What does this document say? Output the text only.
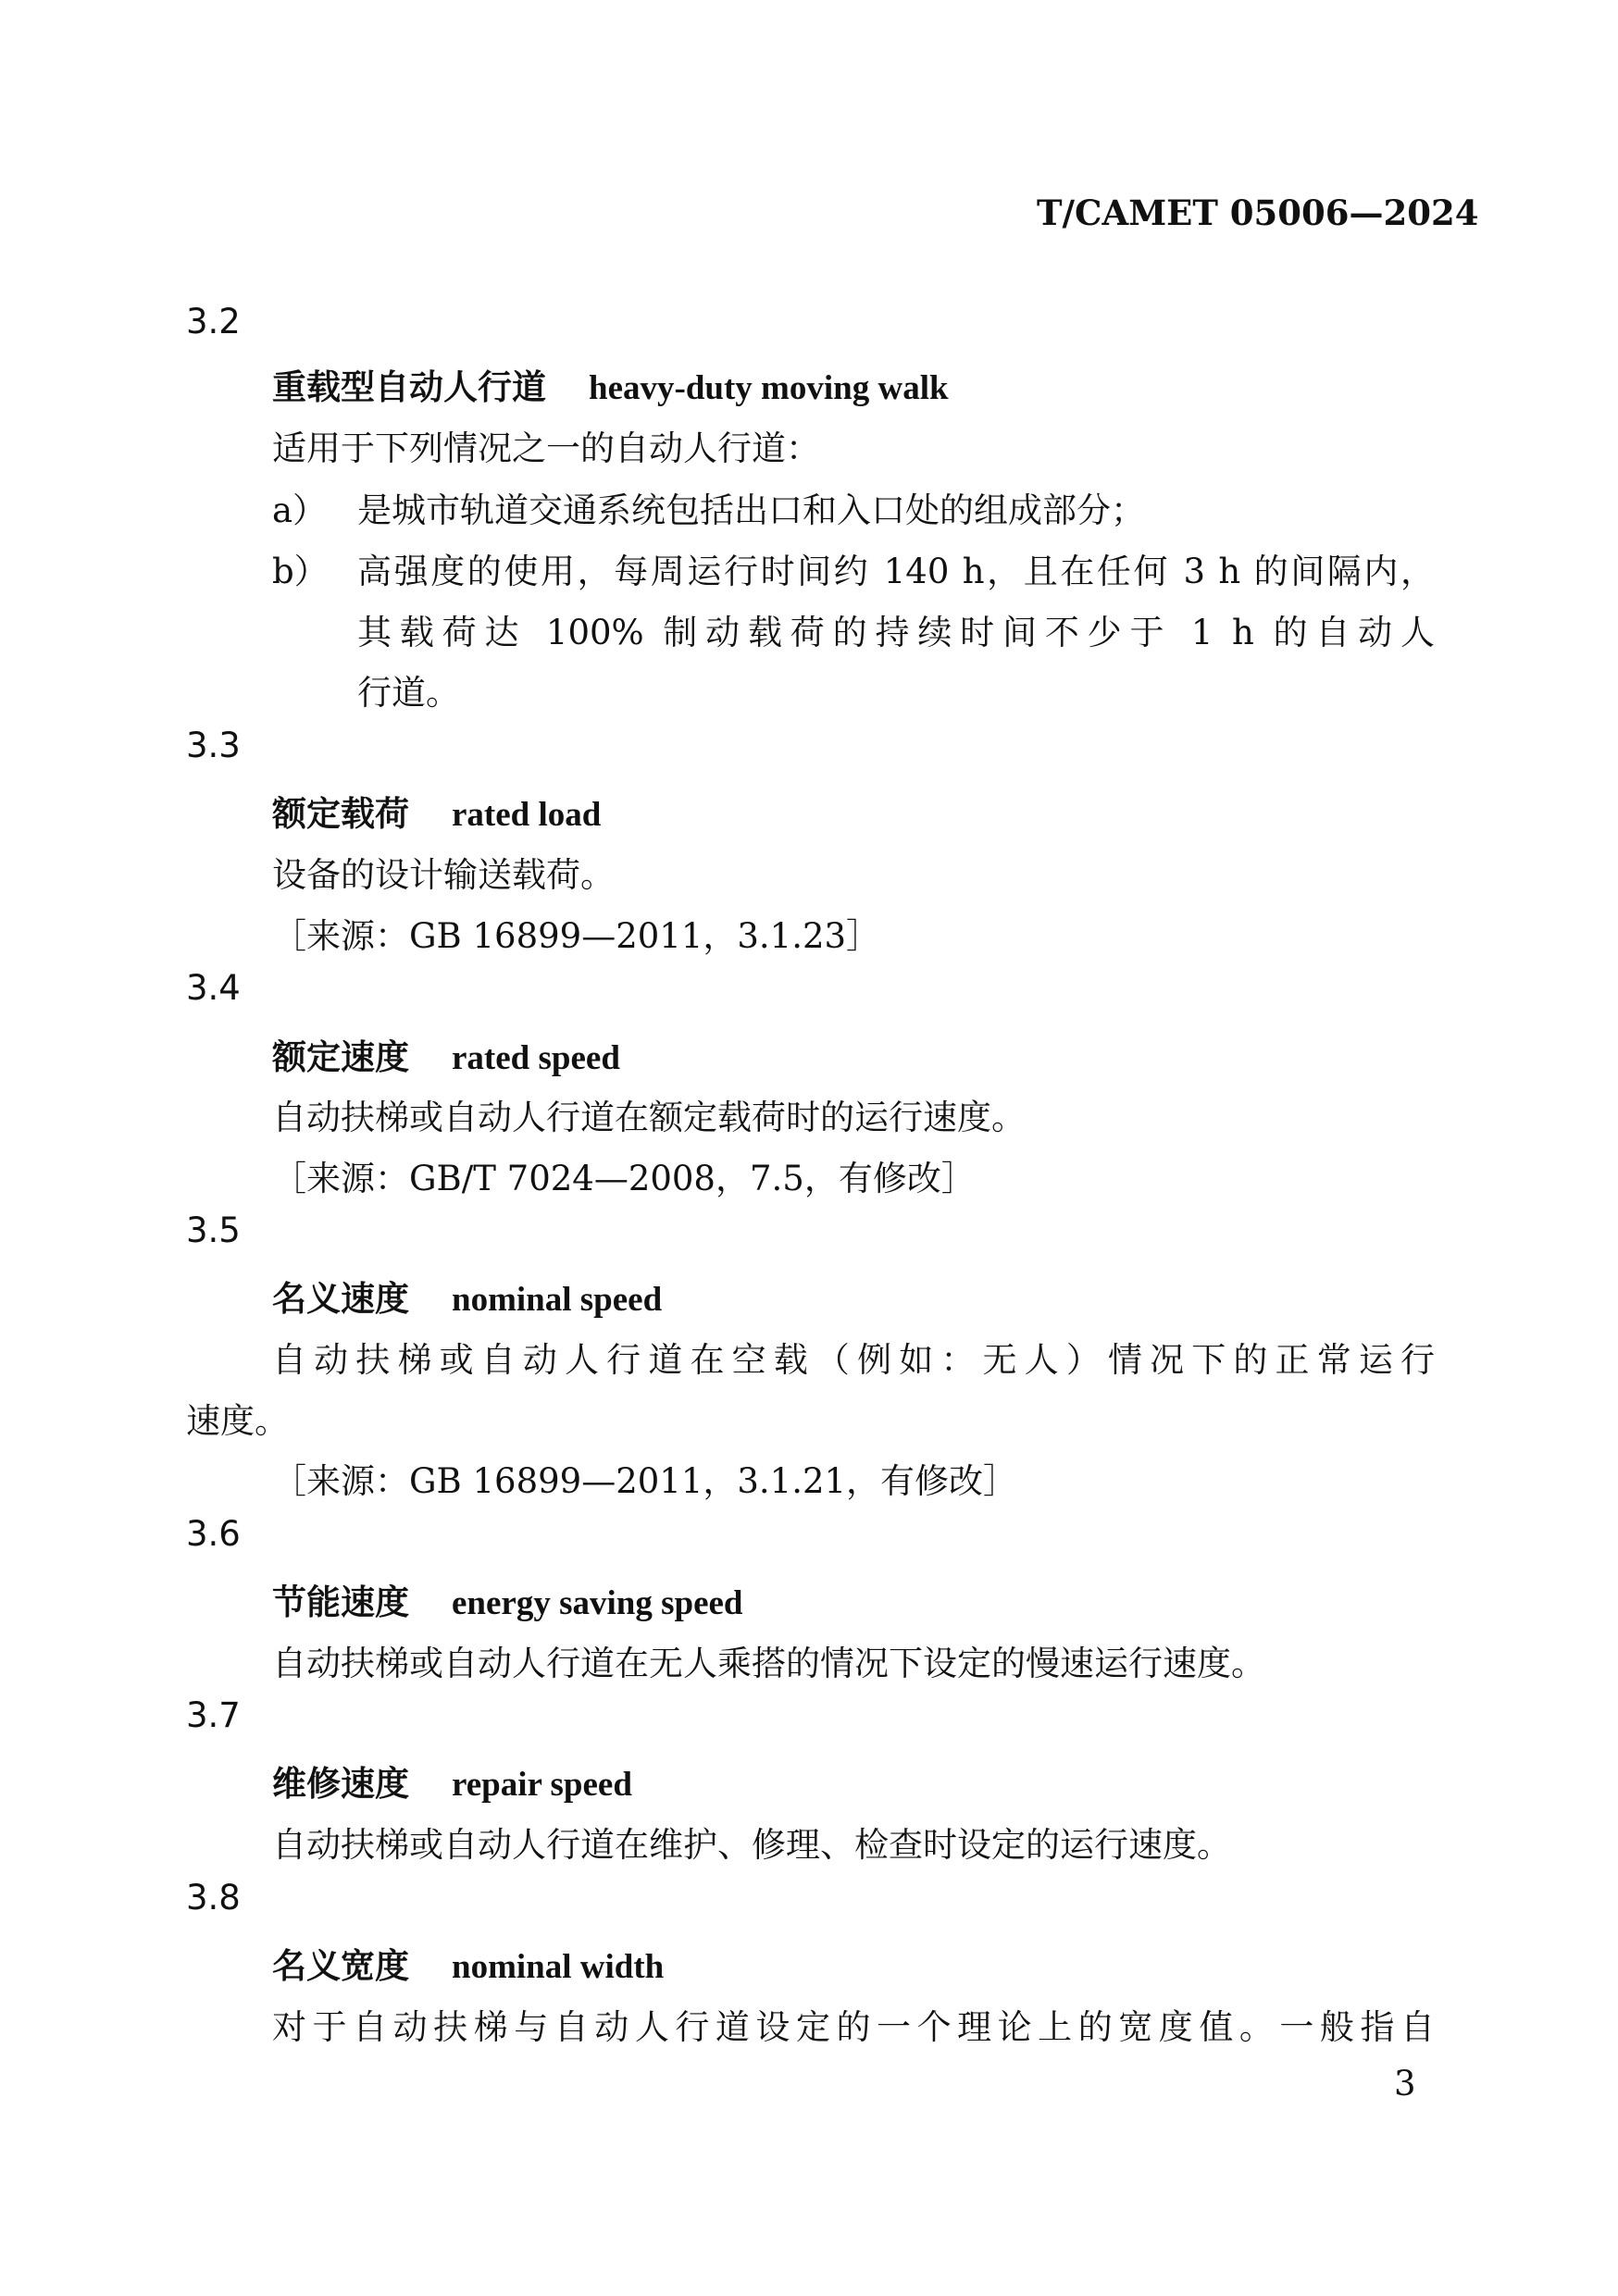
T/CAMET 05006—2024
3.2
重载型自动人行道 heavy-duty moving walk
适用于下列情况之一的自动人行道：
a） 是城市轨道交通系统包括出口和入口处的组成部分；
b） 高强度的使用，每周运行时间约 140 h，且在任何 3 h 的间隔内，
其载荷达 100% 制动载荷的持续时间不少于 1 h 的自动人
行道。
3.3
额定载荷 rated load
设备的设计输送载荷。
［来源：GB 16899—2011，3.1.23］
3.4
额定速度 rated speed
自动扶梯或自动人行道在额定载荷时的运行速度。
［来源：GB/T 7024—2008，7.5，有修改］
3.5
名义速度 nominal speed
自动扶梯或自动人行道在空载（例如：无人）情况下的正常运行
速度。
［来源：GB 16899—2011，3.1.21，有修改］
3.6
节能速度 energy saving speed
自动扶梯或自动人行道在无人乘搭的情况下设定的慢速运行速度。
3.7
维修速度 repair speed
自动扶梯或自动人行道在维护、修理、检查时设定的运行速度。
3.8
名义宽度 nominal width
对于自动扶梯与自动人行道设定的一个理论上的宽度值。一般指自
3
